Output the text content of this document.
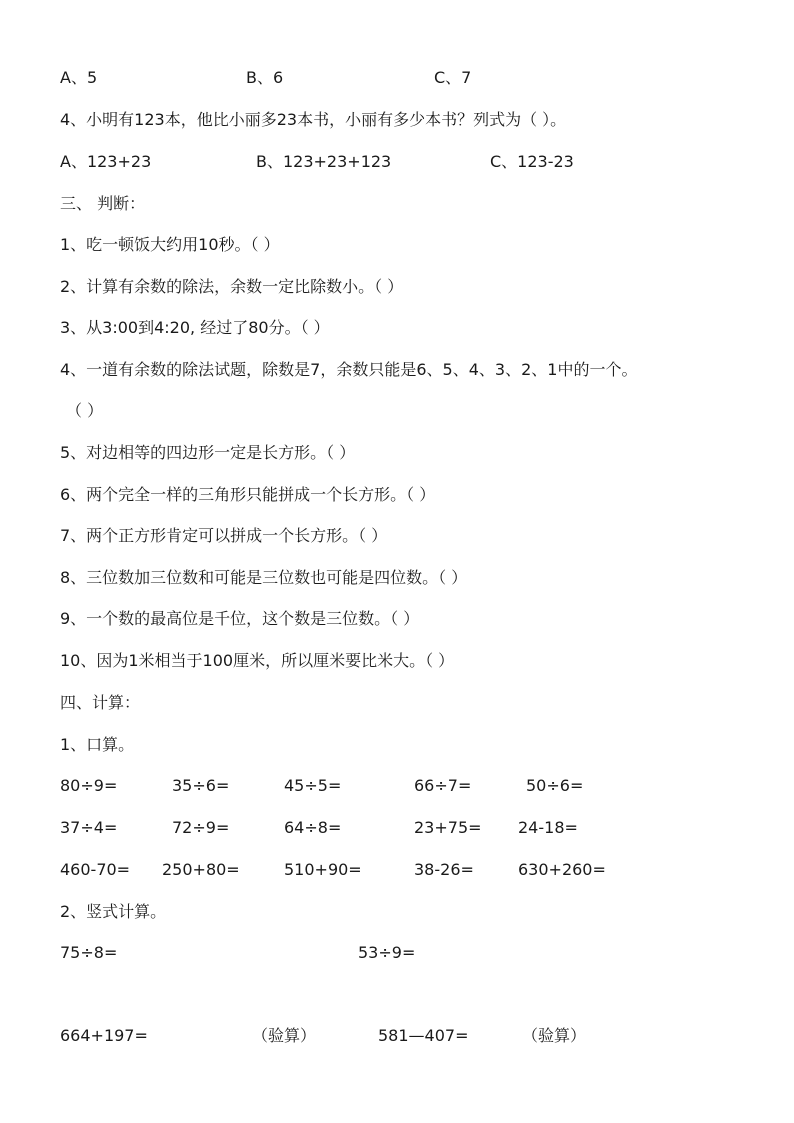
A、5	B、6	C、7
4、小明有123本，他比小丽多23本书，小丽有多少本书？列式为（ ）。
A、123+23	B、123+23+123	C、123-23
三、 判断：
1、吃一顿饭大约用10秒。（ ）
2、计算有余数的除法，余数一定比除数小。（ ）
3、从3:00到4:20, 经过了80分。（ ）
4、一道有余数的除法试题，除数是7，余数只能是6、5、4、3、2、1中的一个。
（ ）
5、对边相等的四边形一定是长方形。（ ）
6、两个完全一样的三角形只能拼成一个长方形。（ ）
7、两个正方形肯定可以拼成一个长方形。（ ）
8、三位数加三位数和可能是三位数也可能是四位数。（ ）
9、一个数的最高位是千位，这个数是三位数。（ ）
10、因为1米相当于100厘米，所以厘米要比米大。（ ）
四、计算：
1、口算。
80÷9=	35÷6=	45÷5=	66÷7=	50÷6=
37÷4=	72÷9=	64÷8=	23+75= 24-18=
460-70= 250+80=	510+90=	38-26=	630+260=
2、竖式计算。
75÷8=	53÷9=
664+197=	（验算）	581—407=	（验算）
